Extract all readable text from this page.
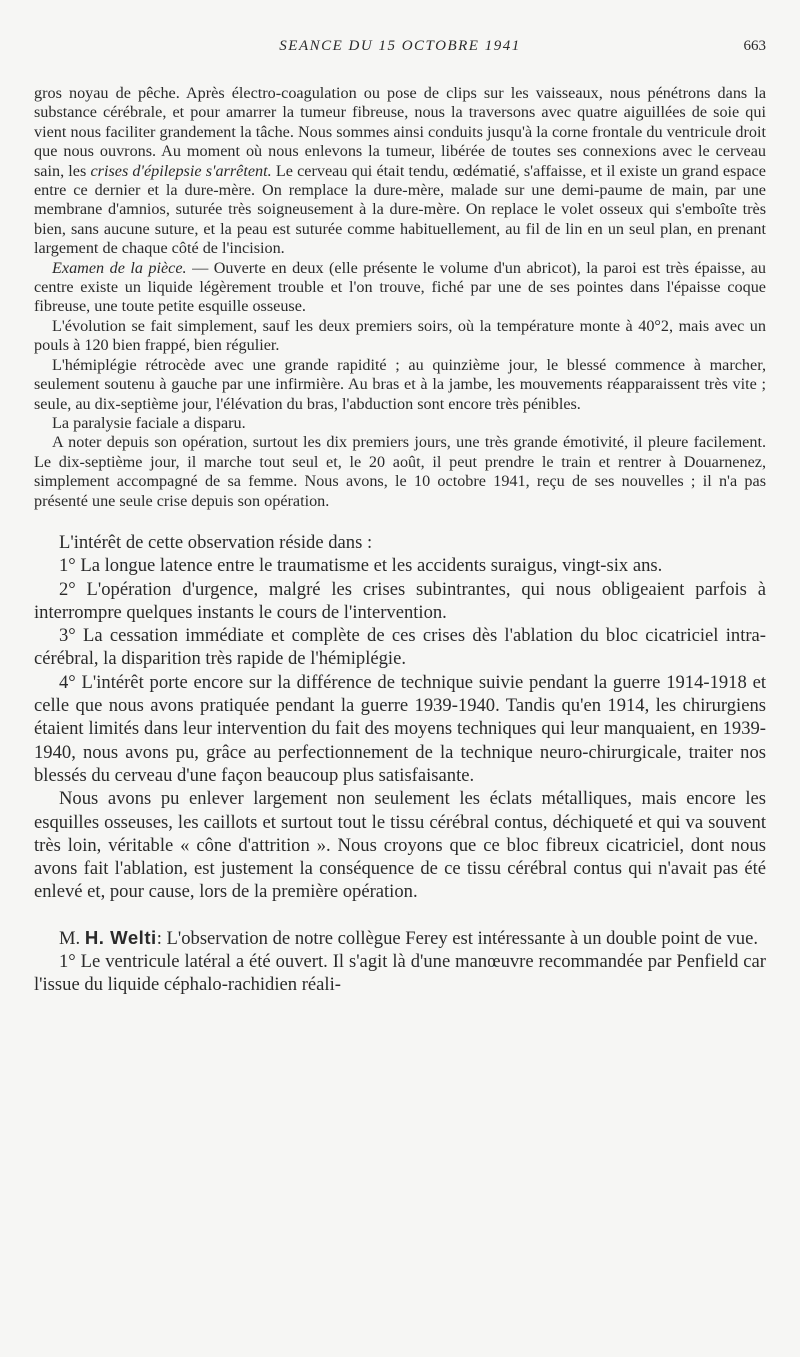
SEANCE DU 15 OCTOBRE 1941	663

gros noyau de pêche. Après électro-coagulation ou pose de clips sur les vaisseaux, nous pénétrons dans la substance cérébrale, et pour amarrer la tumeur fibreuse, nous la traversons avec quatre aiguillées de soie qui vient nous faciliter grandement la tâche. Nous sommes ainsi conduits jusqu'à la corne frontale du ventricule droit que nous ouvrons. Au moment où nous enlevons la tumeur, libérée de toutes ses connexions avec le cerveau sain, les crises d'épilepsie s'arrêtent. Le cerveau qui était tendu, œdématié, s'affaisse, et il existe un grand espace entre ce dernier et la dure-mère. On remplace la dure-mère, malade sur une demi-paume de main, par une membrane d'amnios, suturée très soigneusement à la dure-mère. On replace le volet osseux qui s'emboîte très bien, sans aucune suture, et la peau est suturée comme habituellement, au fil de lin en un seul plan, en prenant largement de chaque côté de l'incision.

Examen de la pièce. — Ouverte en deux (elle présente le volume d'un abricot), la paroi est très épaisse, au centre existe un liquide légèrement trouble et l'on trouve, fiché par une de ses pointes dans l'épaisse coque fibreuse, une toute petite esquille osseuse.

L'évolution se fait simplement, sauf les deux premiers soirs, où la température monte à 40°2, mais avec un pouls à 120 bien frappé, bien régulier.

L'hémiplégie rétrocède avec une grande rapidité ; au quinzième jour, le blessé commence à marcher, seulement soutenu à gauche par une infirmière. Au bras et à la jambe, les mouvements réapparaissent très vite ; seule, au dix-septième jour, l'élévation du bras, l'abduction sont encore très pénibles.

La paralysie faciale a disparu.

A noter depuis son opération, surtout les dix premiers jours, une très grande émotivité, il pleure facilement. Le dix-septième jour, il marche tout seul et, le 20 août, il peut prendre le train et rentrer à Douarnenez, simplement accompagné de sa femme. Nous avons, le 10 octobre 1941, reçu de ses nouvelles ; il n'a pas présenté une seule crise depuis son opération.

L'intérêt de cette observation réside dans :

1° La longue latence entre le traumatisme et les accidents suraigus, vingt-six ans.

2° L'opération d'urgence, malgré les crises subintrantes, qui nous obligeaient parfois à interrompre quelques instants le cours de l'intervention.

3° La cessation immédiate et complète de ces crises dès l'ablation du bloc cicatriciel intra-cérébral, la disparition très rapide de l'hémiplégie.

4° L'intérêt porte encore sur la différence de technique suivie pendant la guerre 1914-1918 et celle que nous avons pratiquée pendant la guerre 1939-1940. Tandis qu'en 1914, les chirurgiens étaient limités dans leur intervention du fait des moyens techniques qui leur manquaient, en 1939-1940, nous avons pu, grâce au perfectionnement de la technique neuro-chirurgicale, traiter nos blessés du cerveau d'une façon beaucoup plus satisfaisante.

Nous avons pu enlever largement non seulement les éclats métalliques, mais encore les esquilles osseuses, les caillots et surtout tout le tissu cérébral contus, déchiqueté et qui va souvent très loin, véritable « cône d'attrition ». Nous croyons que ce bloc fibreux cicatriciel, dont nous avons fait l'ablation, est justement la conséquence de ce tissu cérébral contus qui n'avait pas été enlevé et, pour cause, lors de la première opération.

M. H. Welti: L'observation de notre collègue Ferey est intéressante à un double point de vue.

1° Le ventricule latéral a été ouvert. Il s'agit là d'une manœuvre recommandée par Penfield car l'issue du liquide céphalo-rachidien réali-
